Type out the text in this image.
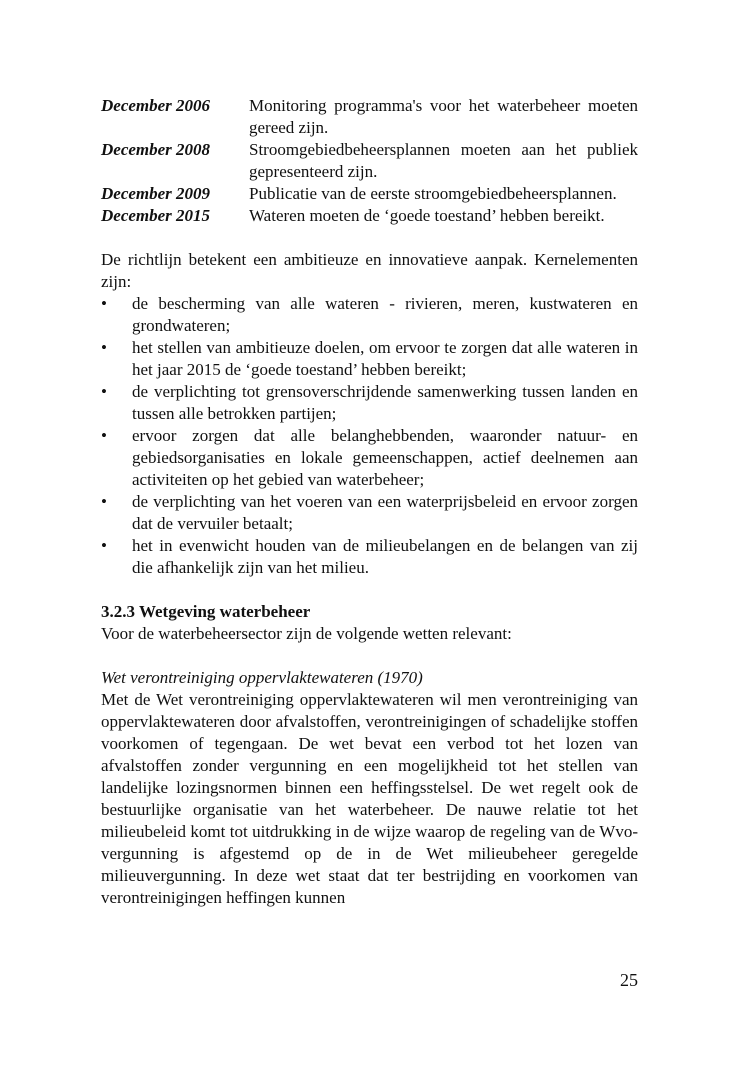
December 2006	Monitoring programma's voor het waterbeheer moeten gereed zijn.
December 2008	Stroomgebiedbeheersplannen moeten aan het publiek gepresenteerd zijn.
December 2009	Publicatie van de eerste stroomgebiedbeheersplannen.
December 2015	Wateren moeten de ‘goede toestand’ hebben bereikt.

De richtlijn betekent een ambitieuze en innovatieve aanpak. Kernelementen zijn:

• de bescherming van alle wateren - rivieren, meren, kustwateren en grondwateren;
• het stellen van ambitieuze doelen, om ervoor te zorgen dat alle wateren in het jaar 2015 de ‘goede toestand’ hebben bereikt;
• de verplichting tot grensoverschrijdende samenwerking tussen landen en tussen alle betrokken partijen;
• ervoor zorgen dat alle belanghebbenden, waaronder natuur- en gebiedsorganisaties en lokale gemeenschappen, actief deelnemen aan activiteiten op het gebied van waterbeheer;
• de verplichting van het voeren van een waterprijsbeleid en ervoor zorgen dat de vervuiler betaalt;
• het in evenwicht houden van de milieubelangen en de belangen van zij die afhankelijk zijn van het milieu.
3.2.3 Wetgeving waterbeheer

Voor de waterbeheersector zijn de volgende wetten relevant:

Wet verontreiniging oppervlaktewateren (1970)

Met de Wet verontreiniging oppervlaktewateren wil men verontreiniging van oppervlaktewateren door afvalstoffen, verontreinigingen of schadelijke stoffen voorkomen of tegengaan. De wet bevat een verbod tot het lozen van afvalstoffen zonder vergunning en een mogelijkheid tot het stellen van landelijke lozingsnormen binnen een heffingsstelsel. De wet regelt ook de bestuurlijke organisatie van het waterbeheer. De nauwe relatie tot het milieubeleid komt tot uitdrukking in de wijze waarop de regeling van de Wvo-vergunning is afgestemd op de in de Wet milieubeheer geregelde milieuvergunning. In deze wet staat dat ter bestrijding en voorkomen van verontreinigingen heffingen kunnen

25
